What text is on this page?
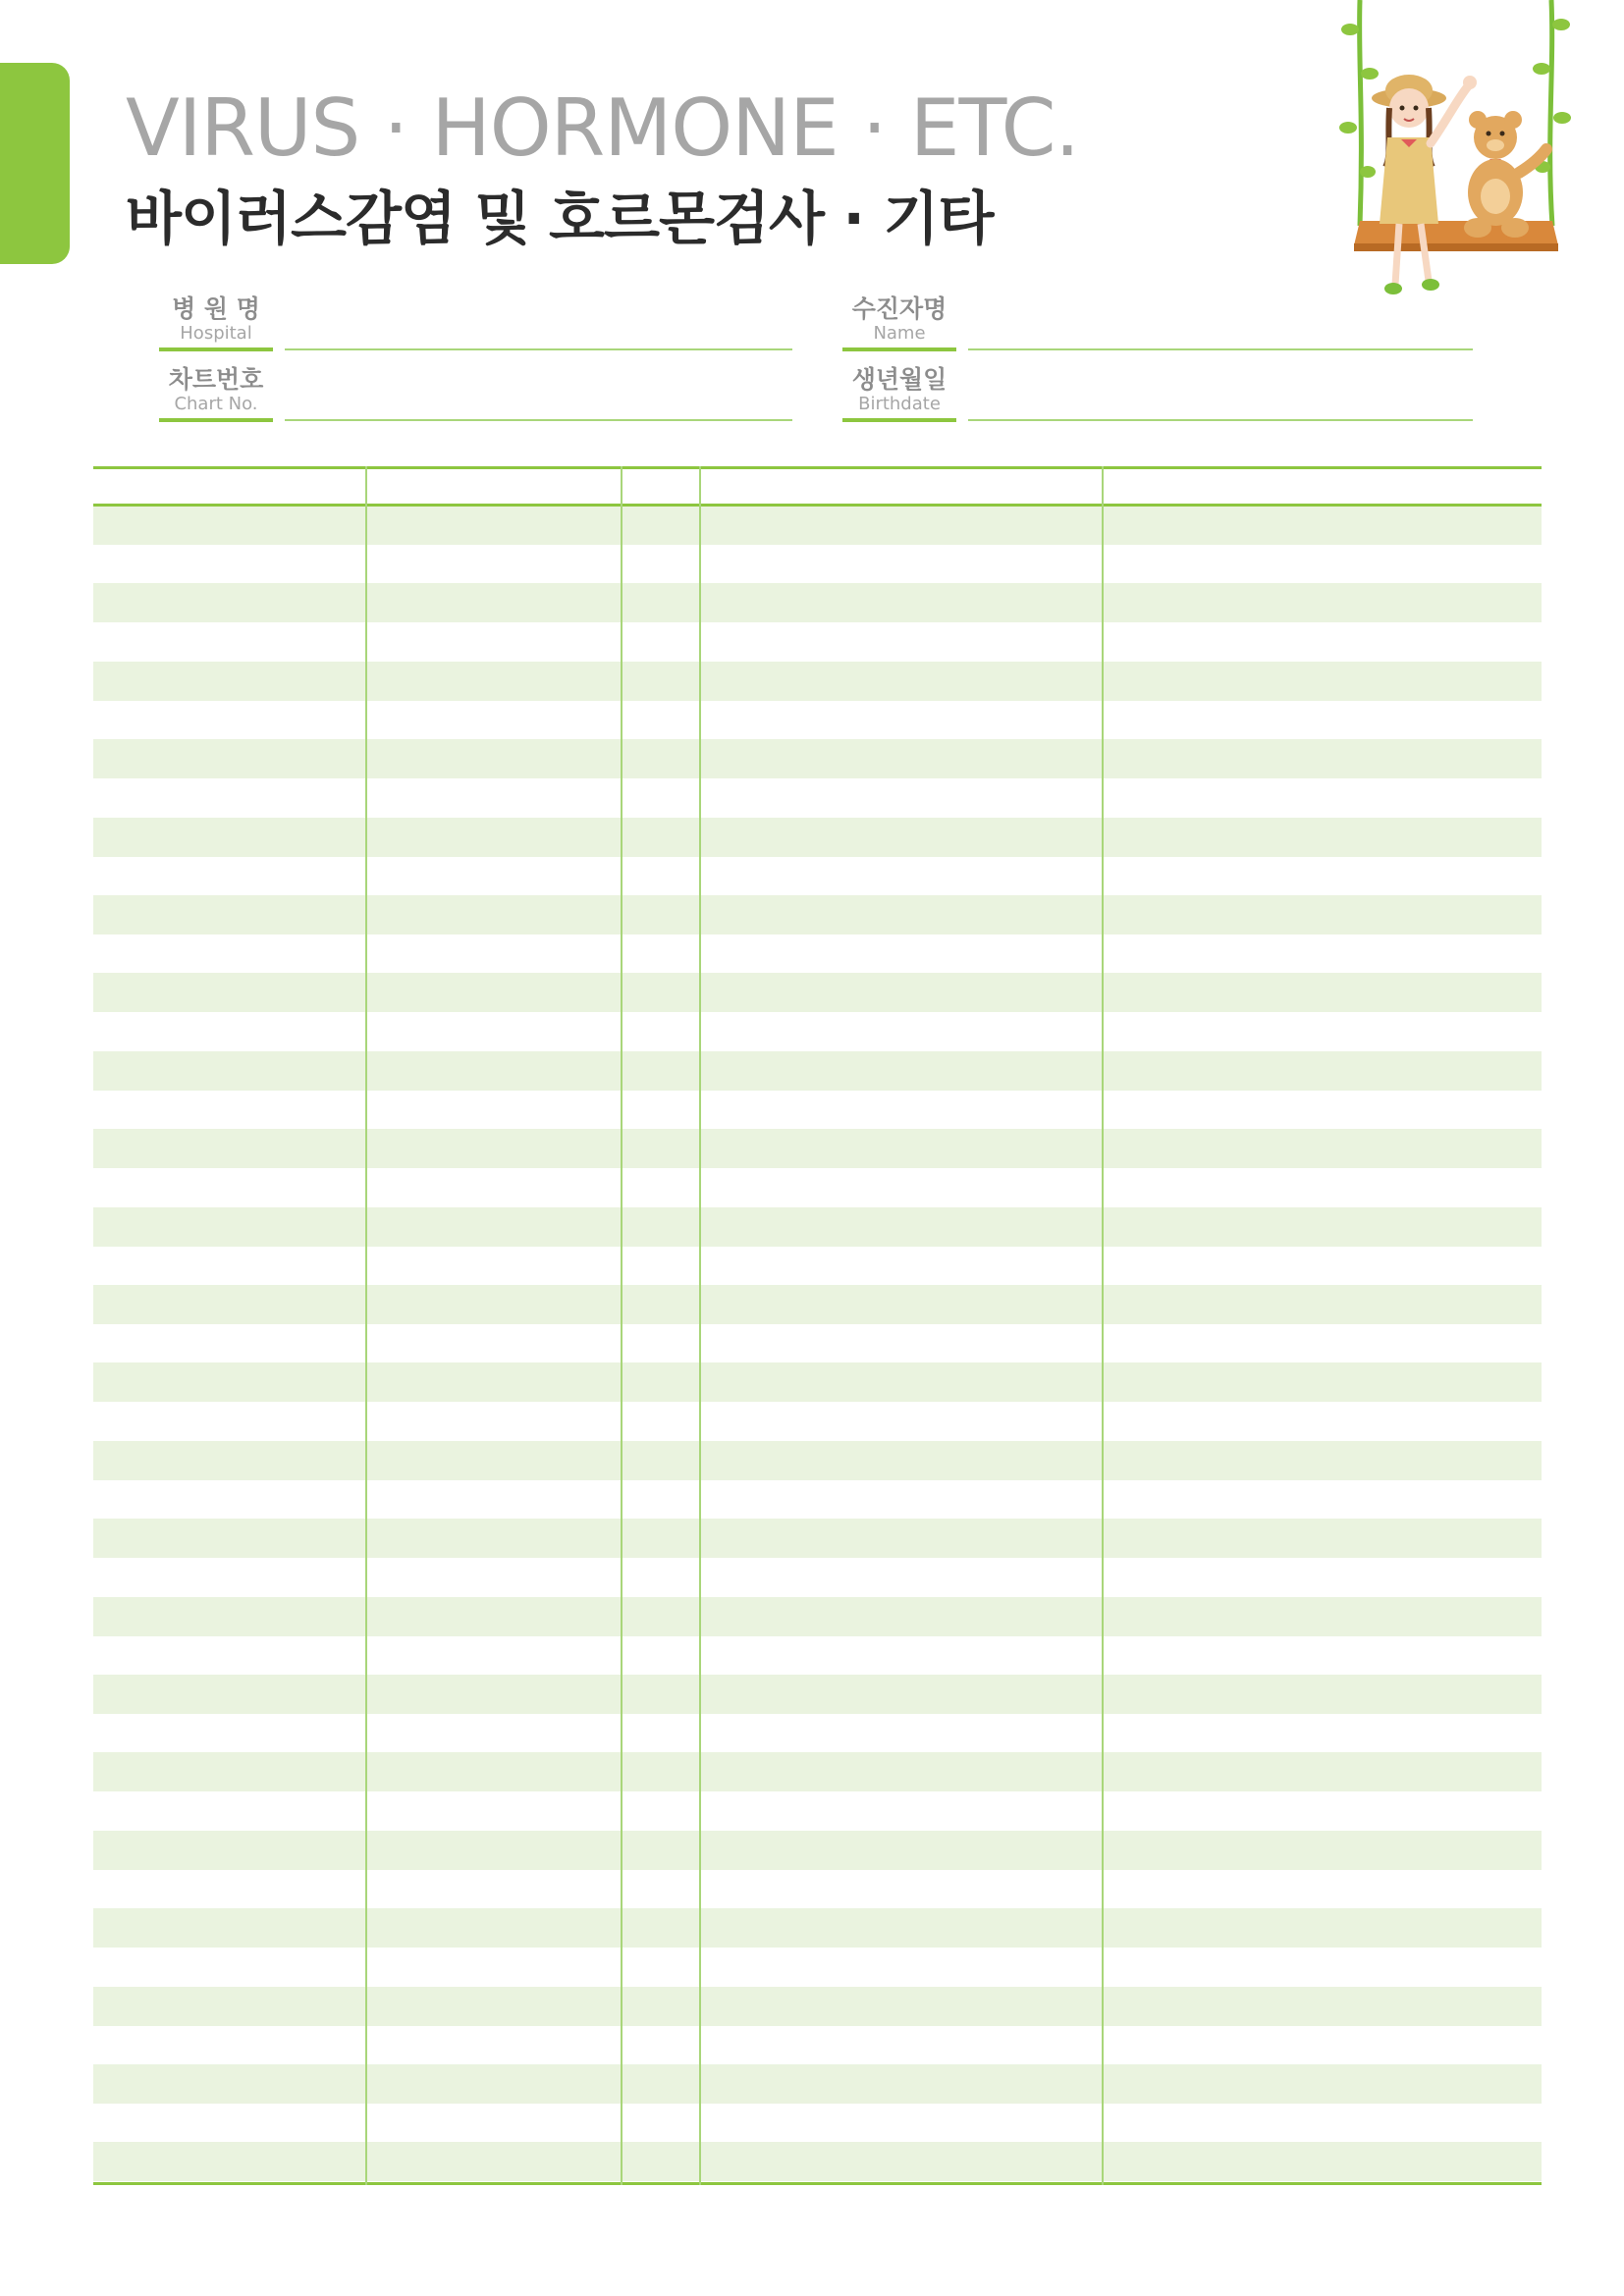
VIRUS · HORMONE · ETC.
바이러스감염 및 호르몬검사 · 기타
병 원 명
Hospital
수진자명
Name
차트번호
Chart No.
생년월일
Birthdate
